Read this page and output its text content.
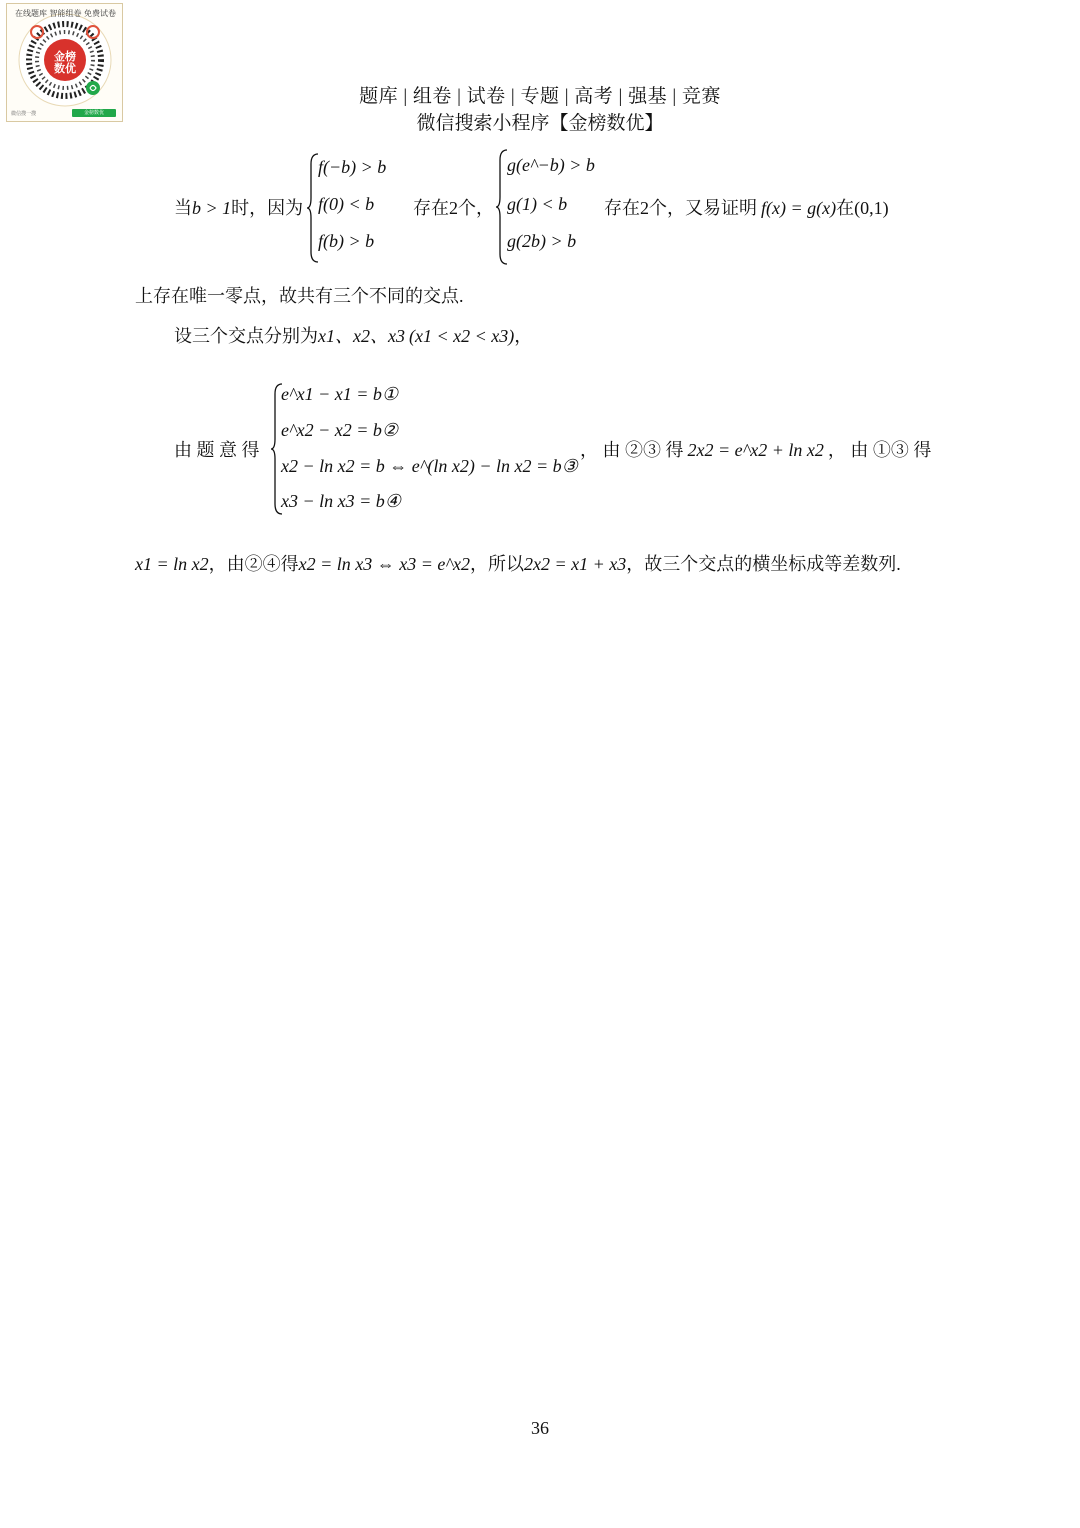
在线题库 智能组卷 免费试卷
金榜数优
微信搜一搜	金榜数优
题库 | 组卷 | 试卷 | 专题 | 高考 | 强基 | 竞赛
微信搜索小程序【金榜数优】
当b > 1时，因为
f(−b) > b
f(0) < b
f(b) > b
存在2个，
g(e^−b) > b
g(1) < b
g(2b) > b
存在2个，又易证明 f(x) = g(x)在(0,1)
上存在唯一零点，故共有三个不同的交点.
设三个交点分别为x1、x2、x3 (x1 < x2 < x3)，
由 题 意 得
e^x1 − x1 = b①
e^x2 − x2 = b②
x2 − ln x2 = b ⇔ e^(ln x2) − ln x2 = b③
x3 − ln x3 = b④
， 由 ②③ 得 2x2 = e^x2 + ln x2 ， 由 ①③ 得
x1 = ln x2，由②④得x2 = ln x3 ⇔ x3 = e^x2，所以2x2 = x1 + x3，故三个交点的横坐标成等差数列.
36
